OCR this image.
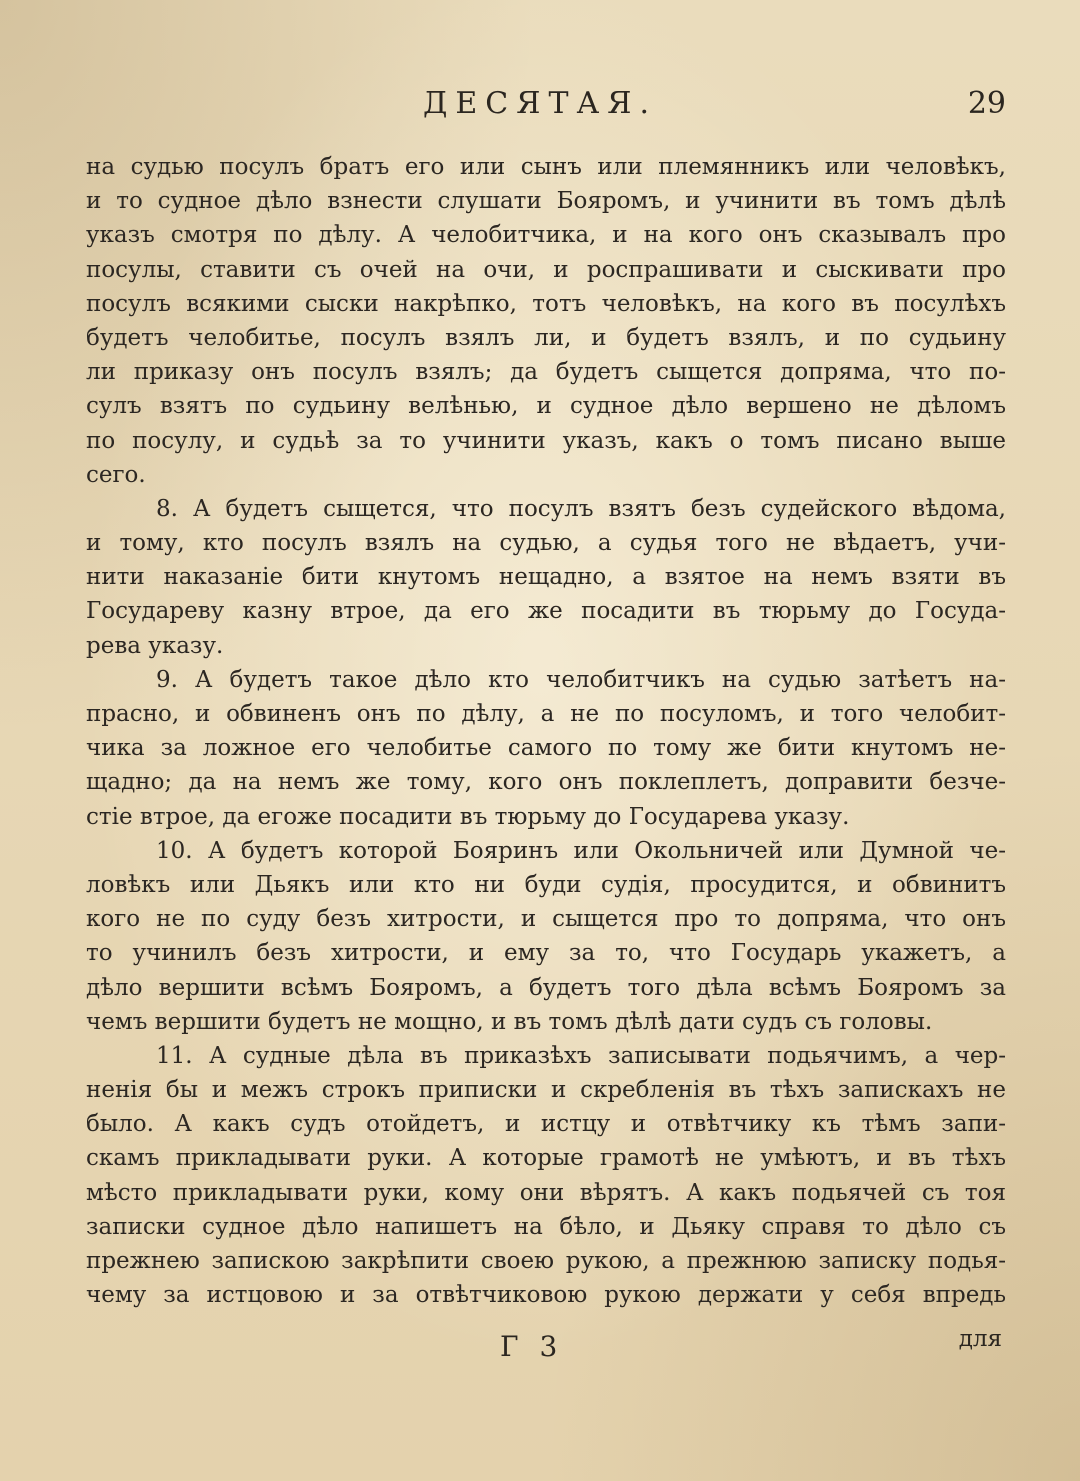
ДЕСЯТАЯ.	29
на судью посулъ братъ его или сынъ или племянникъ или человѣкъ,
и то судное дѣло взнести слушати Бояромъ, и учинити въ томъ дѣлѣ
указъ смотря по дѣлу. А челобитчика, и на кого онъ сказывалъ про
посулы, ставити съ очей на очи, и роспрашивати и сыскивати про
посулъ всякими сыски накрѣпко, тотъ человѣкъ, на кого въ посулѣхъ
будетъ челобитье, посулъ взялъ ли, и будетъ взялъ, и по судьину
ли приказу онъ посулъ взялъ; да будетъ сыщется допряма, что по-
сулъ взятъ по судьину велѣнью, и судное дѣло вершено не дѣломъ
по посулу, и судьѣ за то учинити указъ, какъ о томъ писано выше
сего.
8. А будетъ сыщется, что посулъ взятъ безъ судейского вѣдома,
и тому, кто посулъ взялъ на судью, а судья того не вѣдаетъ, учи-
нити наказаніе бити кнутомъ нещадно, а взятое на немъ взяти въ
Государеву казну втрое, да его же посадити въ тюрьму до Госуда-
рева указу.
9. А будетъ такое дѣло кто челобитчикъ на судью затѣетъ на-
прасно, и обвиненъ онъ по дѣлу, а не по посуломъ, и того челобит-
чика за ложное его челобитье самого по тому же бити кнутомъ не-
щадно; да на немъ же тому, кого онъ поклеплетъ, доправити безче-
стіе втрое, да егоже посадити въ тюрьму до Государева указу.
10. А будетъ которой Бояринъ или Окольничей или Думной че-
ловѣкъ или Дьякъ или кто ни буди судія, просудится, и обвинитъ
кого не по суду безъ хитрости, и сыщется про то допряма, что онъ
то учинилъ безъ хитрости, и ему за то, что Государь укажетъ, а
дѣло вершити всѣмъ Бояромъ, а будетъ того дѣла всѣмъ Бояромъ за
чемъ вершити будетъ не мощно, и въ томъ дѣлѣ дати судъ съ головы.
11. А судные дѣла въ приказѣхъ записывати подьячимъ, а чер-
ненія бы и межъ строкъ приписки и скребленія въ тѣхъ запискахъ не
было. А какъ судъ отойдетъ, и истцу и отвѣтчику къ тѣмъ запи-
скамъ прикладывати руки. А которые грамотѣ не умѣютъ, и въ тѣхъ
мѣсто прикладывати руки, кому они вѣрятъ. А какъ подьячей съ тоя
записки судное дѣло напишетъ на бѣло, и Дьяку справя то дѣло съ
прежнею запискою закрѣпити своею рукою, а прежнюю записку подья-
чему за истцовою и за отвѣтчиковою рукою держати у себя впредь
Г 3	для
